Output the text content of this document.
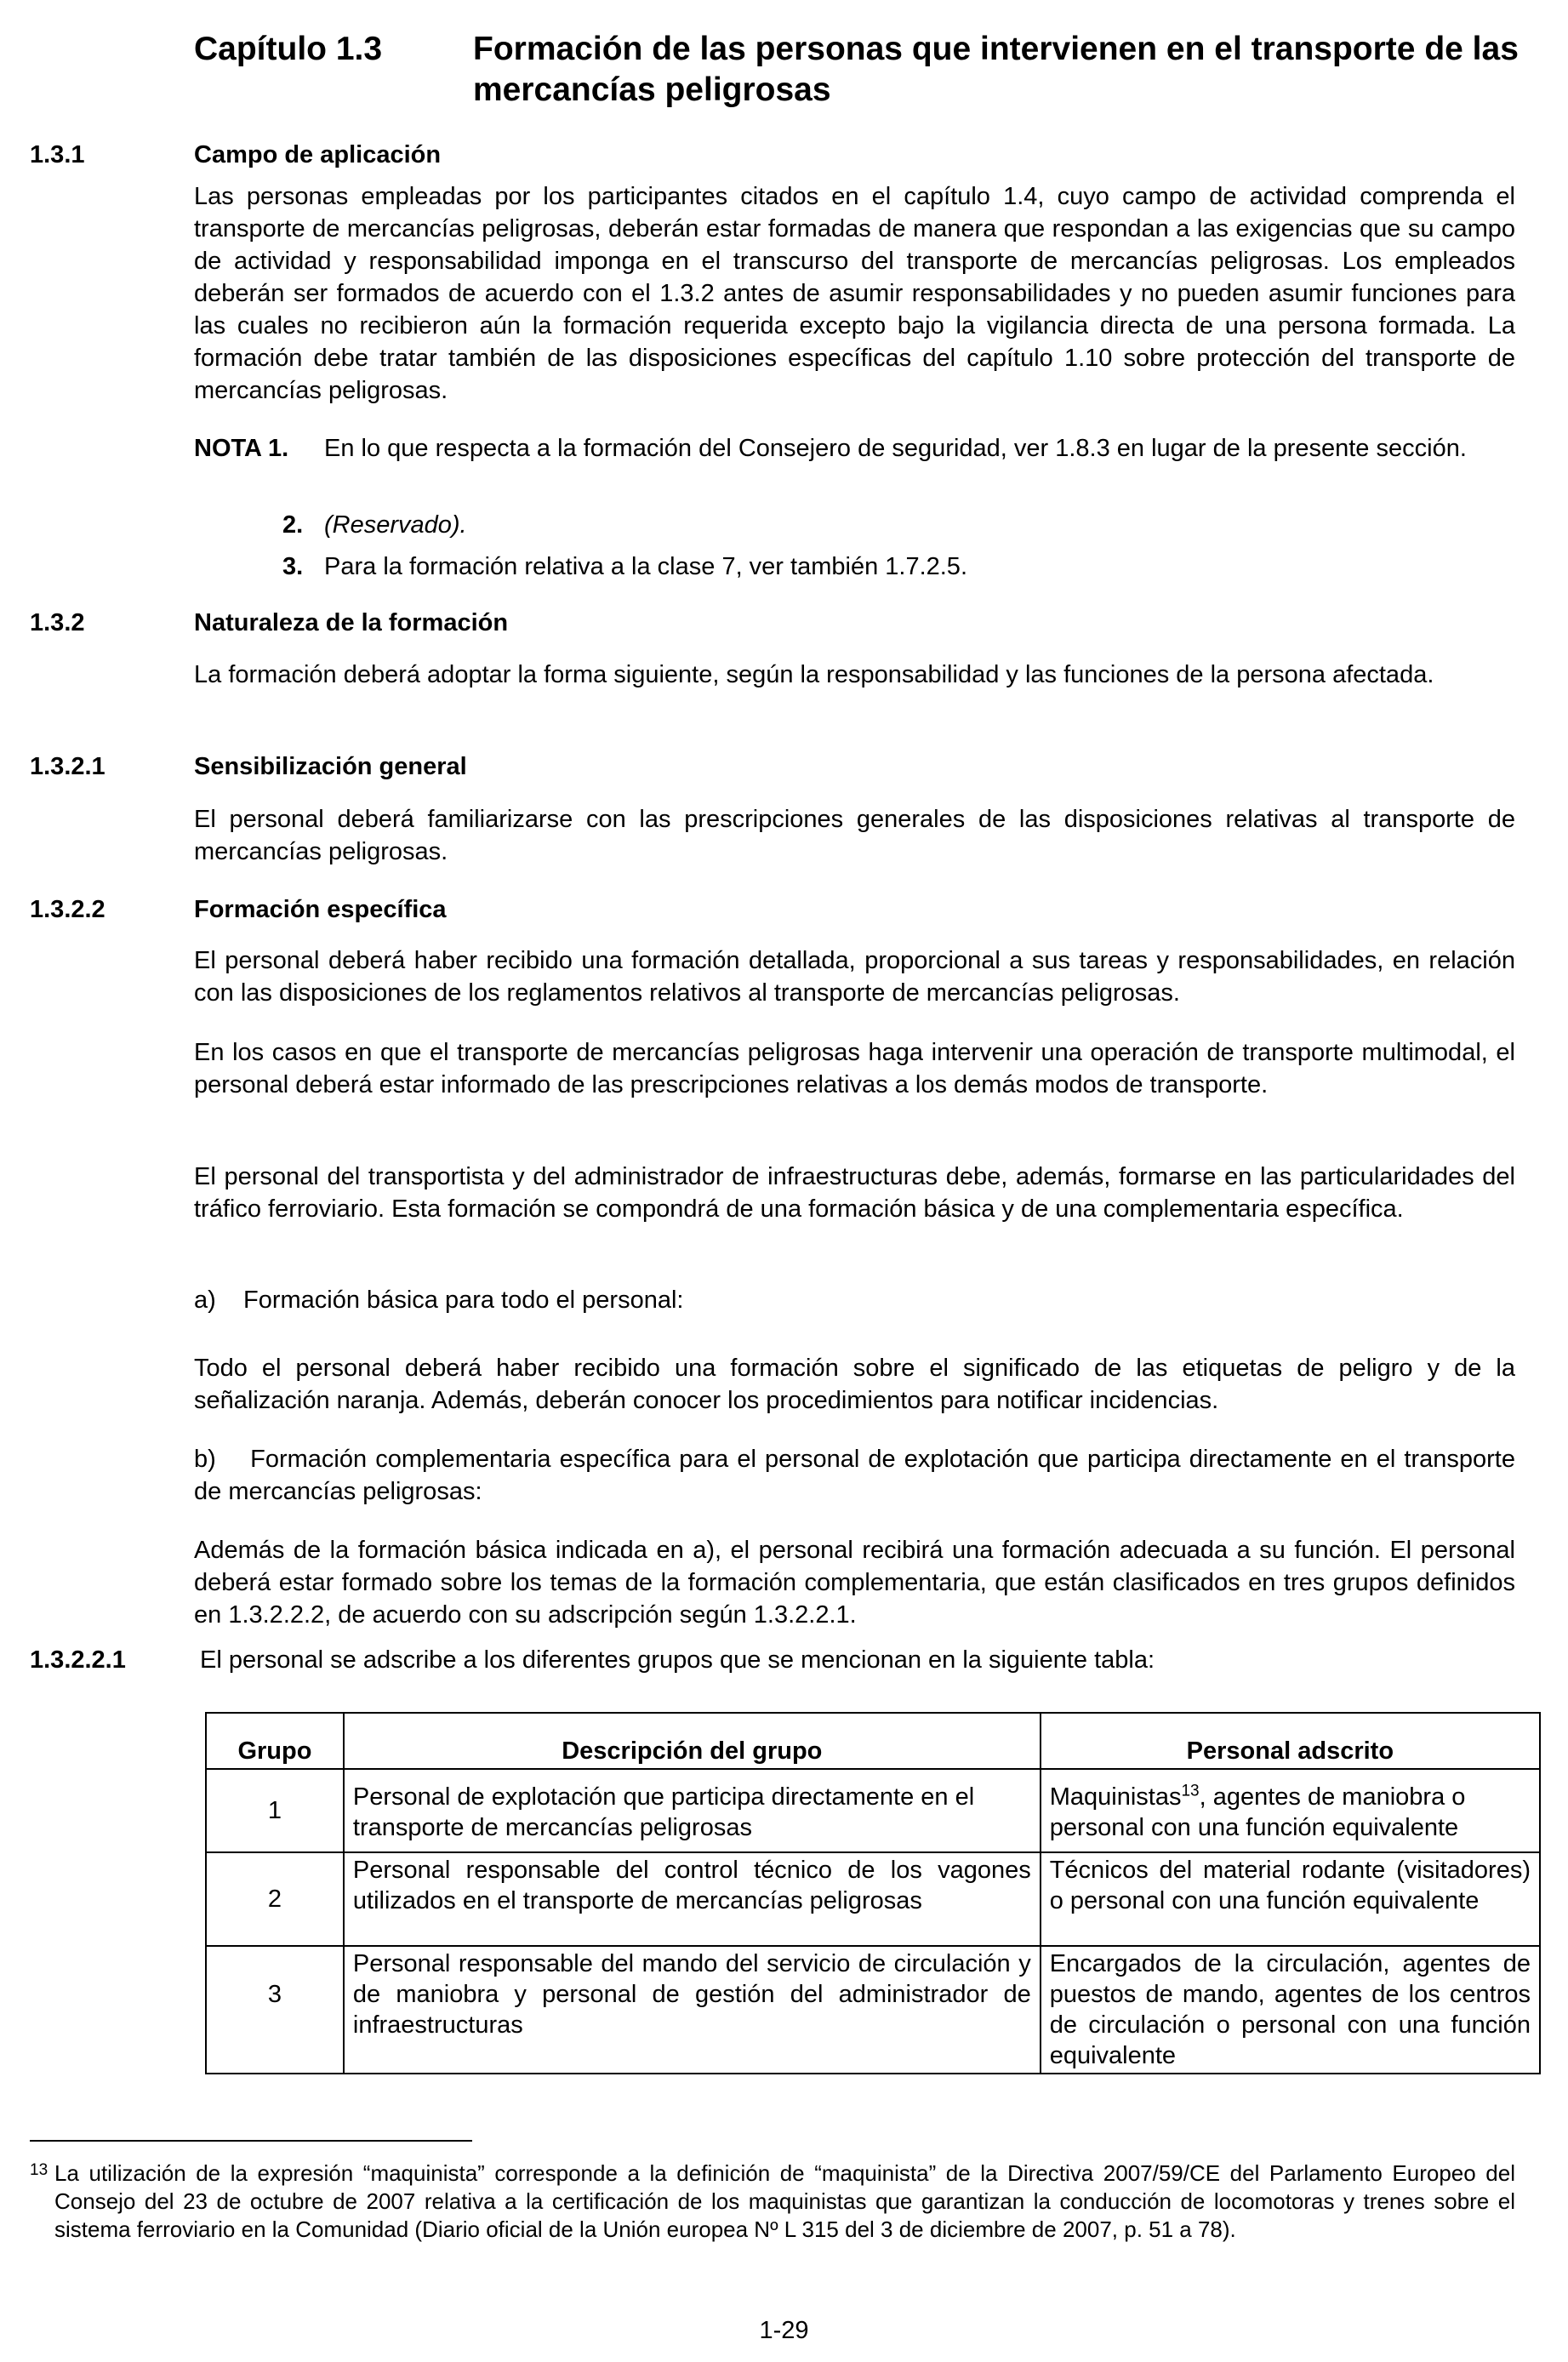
Capítulo 1.3	Formación de las personas que intervienen en el transporte de las mercancías peligrosas
1.3.1	Campo de aplicación
Las personas empleadas por los participantes citados en el capítulo 1.4, cuyo campo de actividad comprenda el transporte de mercancías peligrosas, deberán estar formadas de manera que respondan a las exigencias que su campo de actividad y responsabilidad imponga en el transcurso del transporte de mercancías peligrosas. Los empleados deberán ser formados de acuerdo con el 1.3.2 antes de asumir responsabilidades y no pueden asumir funciones para las cuales no recibieron aún la formación requerida excepto bajo la vigilancia directa de una persona formada. La formación debe tratar también de las disposiciones específicas del capítulo 1.10 sobre protección del transporte de mercancías peligrosas.
NOTA 1. En lo que respecta a la formación del Consejero de seguridad, ver 1.8.3 en lugar de la presente sección.
2. (Reservado).
3. Para la formación relativa a la clase 7, ver también 1.7.2.5.
1.3.2	Naturaleza de la formación
La formación deberá adoptar la forma siguiente, según la responsabilidad y las funciones de la persona afectada.
1.3.2.1	Sensibilización general
El personal deberá familiarizarse con las prescripciones generales de las disposiciones relativas al transporte de mercancías peligrosas.
1.3.2.2	Formación específica
El personal deberá haber recibido una formación detallada, proporcional a sus tareas y responsabilidades, en relación con las disposiciones de los reglamentos relativos al transporte de mercancías peligrosas.
En los casos en que el transporte de mercancías peligrosas haga intervenir una operación de transporte multimodal, el personal deberá estar informado de las prescripciones relativas a los demás modos de transporte.
El personal del transportista y del administrador de infraestructuras debe, además, formarse en las particularidades del tráfico ferroviario. Esta formación se compondrá de una formación básica y de una complementaria específica.
a)    Formación básica para todo el personal:
Todo el personal deberá haber recibido una formación sobre el significado de las etiquetas de peligro y de la señalización naranja. Además, deberán conocer los procedimientos para notificar incidencias.
b)    Formación complementaria específica para el personal de explotación que participa directamente en el transporte de mercancías peligrosas:
Además de la formación básica indicada en a), el personal recibirá una formación adecuada a su función. El personal deberá estar formado sobre los temas de la formación complementaria, que están clasificados en tres grupos definidos en 1.3.2.2.2, de acuerdo con su adscripción según 1.3.2.2.1.
1.3.2.2.1	El personal se adscribe a los diferentes grupos que se mencionan en la siguiente tabla:
Grupo	Descripción del grupo	Personal adscrito
1	Personal de explotación que participa directamente en el transporte de mercancías peligrosas	Maquinistas$^{13}$, agentes de maniobra o personal con una función equivalente
2	Personal responsable del control técnico de los vagones utilizados en el transporte de mercancías peligrosas	Técnicos del material rodante (visitadores) o personal con una función equivalente
3	Personal responsable del mando del servicio de circulación y de maniobra y personal de gestión del administrador de infraestructuras	Encargados de la circulación, agentes de puestos de mando, agentes de los centros de circulación o personal con una función equivalente
13 La utilización de la expresión “maquinista” corresponde a la definición de “maquinista” de la Directiva 2007/59/CE del Parlamento Europeo del Consejo del 23 de octubre de 2007 relativa a la certificación de los maquinistas que garantizan la conducción de locomotoras y trenes sobre el sistema ferroviario en la Comunidad (Diario oficial de la Unión europea Nº L 315 del 3 de diciembre de 2007, p. 51 a 78).
1-29
